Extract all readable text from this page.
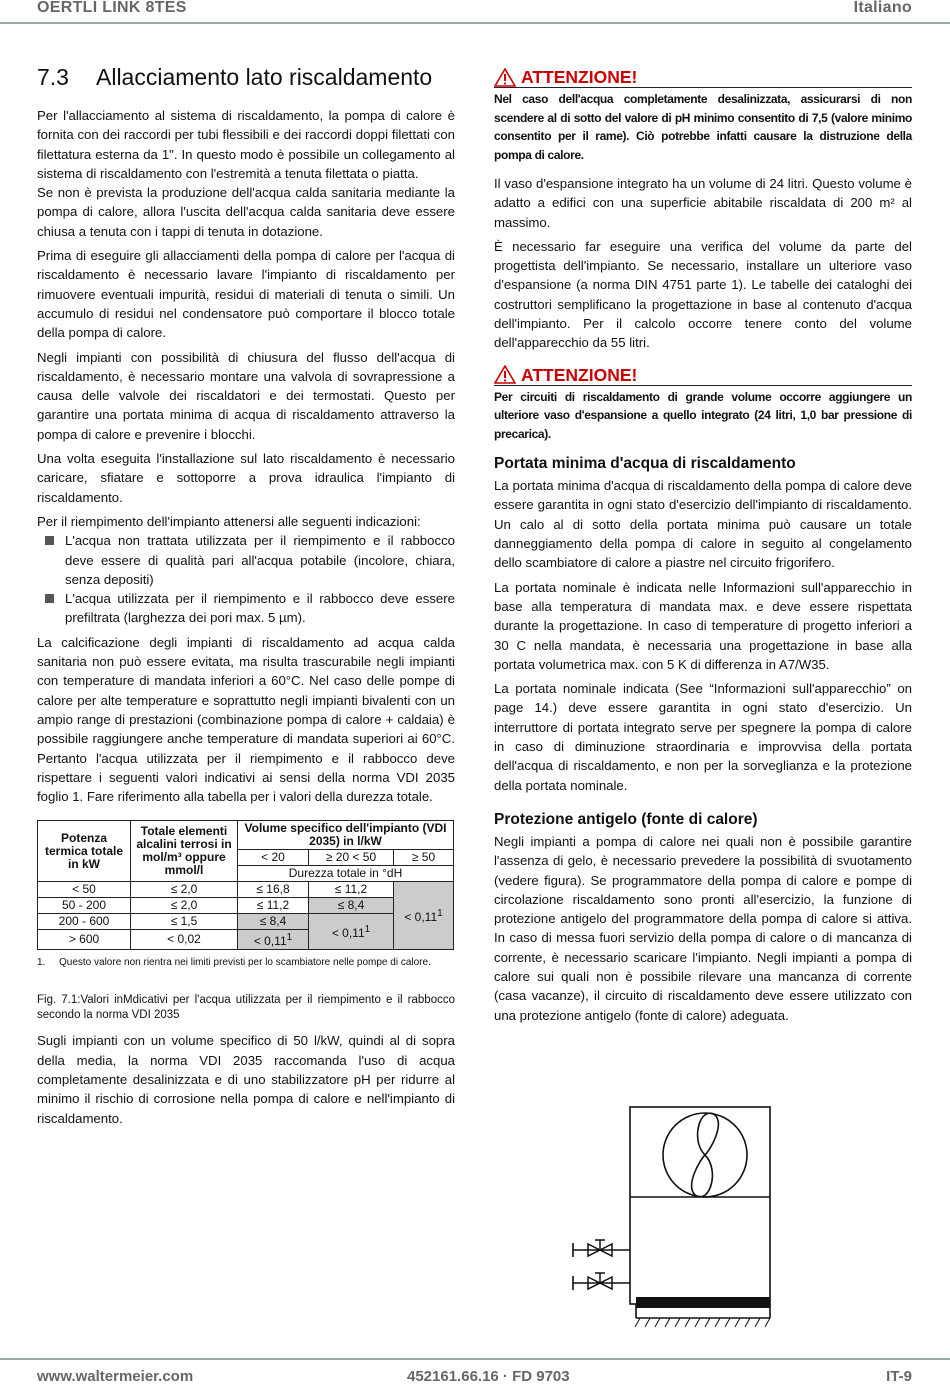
OERTLI LINK 8TES	Italiano
7.3	Allacciamento lato riscaldamento

Per l'allacciamento al sistema di riscaldamento, la pompa di calore è fornita con dei raccordi per tubi flessibili e dei raccordi doppi filettati con filettatura esterna da 1". In questo modo è possibile un collegamento al sistema di riscaldamento con l'estremità a tenuta filettata o piatta.

Se non è prevista la produzione dell'acqua calda sanitaria mediante la pompa di calore, allora l'uscita dell'acqua calda sanitaria deve essere chiusa a tenuta con i tappi di tenuta in dotazione.

Prima di eseguire gli allacciamenti della pompa di calore per l'acqua di riscaldamento è necessario lavare l'impianto di riscaldamento per rimuovere eventuali impurità, residui di materiali di tenuta o simili. Un accumulo di residui nel condensatore può comportare il blocco totale della pompa di calore.

Negli impianti con possibilità di chiusura del flusso dell'acqua di riscaldamento, è necessario montare una valvola di sovrapressione a causa delle valvole dei riscaldatori e dei termostati. Questo per garantire una portata minima di acqua di riscaldamento attraverso la pompa di calore e prevenire i blocchi.

Una volta eseguita l'installazione sul lato riscaldamento è necessario caricare, sfiatare e sottoporre a prova idraulica l'impianto di riscaldamento.

Per il riempimento dell'impianto attenersi alle seguenti indicazioni:

L'acqua non trattata utilizzata per il riempimento e il rabbocco deve essere di qualità pari all'acqua potabile (incolore, chiara, senza depositi)
L'acqua utilizzata per il riempimento e il rabbocco deve essere prefiltrata (larghezza dei pori max. 5 µm).

La calcificazione degli impianti di riscaldamento ad acqua calda sanitaria non può essere evitata, ma risulta trascurabile negli impianti con temperature di mandata inferiori a 60°C. Nel caso delle pompe di calore per alte temperature e soprattutto negli impianti bivalenti con un ampio range di prestazioni (combinazione pompa di calore + caldaia) è possibile raggiungere anche temperature di mandata superiori ai 60°C. Pertanto l'acqua utilizzata per il riempimento e il rabbocco deve rispettare i seguenti valori indicativi ai sensi della norma VDI 2035 foglio 1. Fare riferimento alla tabella per i valori della durezza totale.

Potenza termica totale in kW	Totale elementi alcalini terrosi in mol/m³ oppure mmol/l	Volume specifico dell'impianto (VDI 2035) in l/kW		
		< 20	≥ 20 < 50	≥ 50
		Durezza totale in °dH		
< 50	≤ 2,0	≤ 16,8	≤ 11,2	< $0,11^1$
50 - 200	≤ 2,0	≤ 11,2	≤ 8,4	
200 - 600	≤ 1,5	≤ 8,4	< $0,11^1$
> 600	< 0,02	< $0,11^1$
1.	Questo valore non rientra nei limiti previsti per lo scambiatore nelle pompe di calore.
Fig. 7.1:Valori inMdicativi per l'acqua utilizzata per il riempimento e il rabbocco secondo la norma VDI 2035

Sugli impianti con un volume specifico di 50 l/kW, quindi al di sopra della media, la norma VDI 2035 raccomanda l'uso di acqua completamente desalinizzata e di uno stabilizzatore pH per ridurre al minimo il rischio di corrosione nella pompa di calore e nell'impianto di riscaldamento.

ATTENZIONE!
Nel caso dell'acqua completamente desalinizzata, assicurarsi di non scendere al di sotto del valore di pH minimo consentito di 7,5 (valore minimo consentito per il rame). Ciò potrebbe infatti causare la distruzione della pompa di calore.

Il vaso d'espansione integrato ha un volume di 24 litri. Questo volume è adatto a edifici con una superficie abitabile riscaldata di 200 m² al massimo.

È necessario far eseguire una verifica del volume da parte del progettista dell'impianto. Se necessario, installare un ulteriore vaso d'espansione (a norma DIN 4751 parte 1). Le tabelle dei cataloghi dei costruttori semplificano la progettazione in base al contenuto d'acqua dell'impianto. Per il calcolo occorre tenere conto del volume dell'apparecchio da 55 litri.

ATTENZIONE!
Per circuiti di riscaldamento di grande volume occorre aggiungere un ulteriore vaso d'espansione a quello integrato (24 litri, 1,0 bar pressione di precarica).
Portata minima d'acqua di riscaldamento

La portata minima d'acqua di riscaldamento della pompa di calore deve essere garantita in ogni stato d'esercizio dell'impianto di riscaldamento. Un calo al di sotto della portata minima può causare un totale danneggiamento della pompa di calore in seguito al congelamento dello scambiatore di calore a piastre nel circuito frigorifero.

La portata nominale è indicata nelle Informazioni sull'apparecchio in base alla temperatura di mandata max. e deve essere rispettata durante la progettazione. In caso di temperature di progetto inferiori a 30 C nella mandata, è necessaria una progettazione in base alla portata volumetrica max. con 5 K di differenza in A7/W35.

La portata nominale indicata (See “Informazioni sull'apparecchio” on page 14.) deve essere garantita in ogni stato d'esercizio. Un interruttore di portata integrato serve per spegnere la pompa di calore in caso di diminuzione straordinaria e improvvisa della portata dell'acqua di riscaldamento, e non per la sorveglianza e la protezione della portata nominale.

Protezione antigelo (fonte di calore)

Negli impianti a pompa di calore nei quali non è possibile garantire l'assenza di gelo, è necessario prevedere la possibilità di svuotamento (vedere figura). Se programmatore della pompa di calore e pompe di circolazione riscaldamento sono pronti all'esercizio, la funzione di protezione antigelo del programmatore della pompa di calore si attiva. In caso di messa fuori servizio della pompa di calore o di mancanza di corrente, è necessario scaricare l'impianto. Negli impianti a pompa di calore sui quali non è possibile rilevare una mancanza di corrente (casa vacanze), il circuito di riscaldamento deve essere utilizzato con una protezione antigelo (fonte di calore) adeguata.

www.waltermeier.com	452161.66.16 · FD 9703	IT-9
